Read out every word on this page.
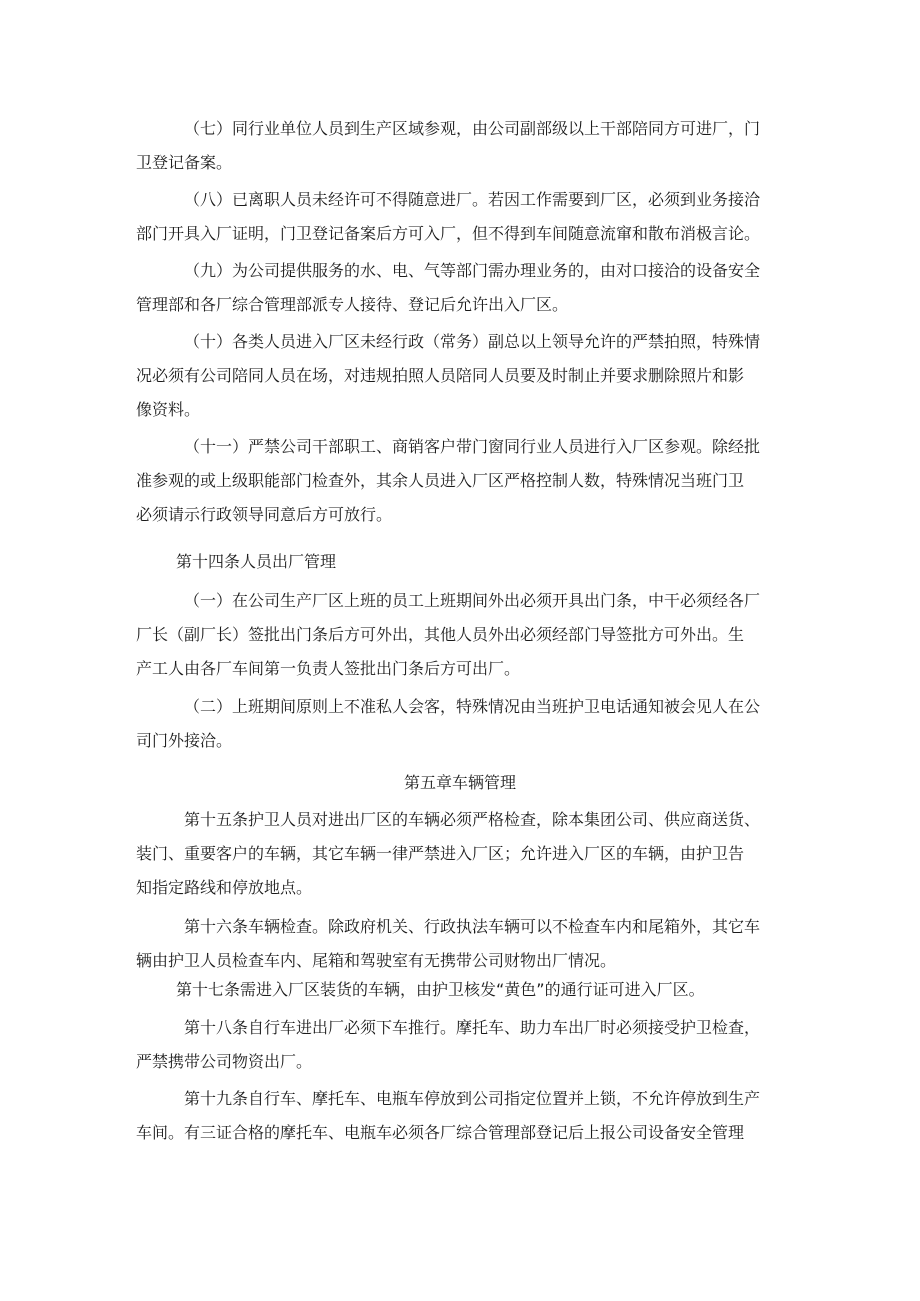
（七）同行业单位人员到生产区域参观，由公司副部级以上干部陪同方可进厂，门
卫登记备案。

（八）已离职人员未经许可不得随意进厂。若因工作需要到厂区，必须到业务接洽
部门开具入厂证明，门卫登记备案后方可入厂，但不得到车间随意流窜和散布消极言论。

（九）为公司提供服务的水、电、气等部门需办理业务的，由对口接洽的设备安全
管理部和各厂综合管理部派专人接待、登记后允许出入厂区。

（十）各类人员进入厂区未经行政（常务）副总以上领导允许的严禁拍照，特殊情
况必须有公司陪同人员在场，对违规拍照人员陪同人员要及时制止并要求删除照片和影
像资料。

（十一）严禁公司干部职工、商销客户带门窗同行业人员进行入厂区参观。除经批
准参观的或上级职能部门检查外，其余人员进入厂区严格控制人数，特殊情况当班门卫
必须请示行政领导同意后方可放行。

第十四条人员出厂管理

（一）在公司生产厂区上班的员工上班期间外出必须开具出门条，中干必须经各厂
厂长（副厂长）签批出门条后方可外出，其他人员外出必须经部门导签批方可外出。生
产工人由各厂车间第一负责人签批出门条后方可出厂。

（二）上班期间原则上不准私人会客，特殊情况由当班护卫电话通知被会见人在公
司门外接洽。

第五章车辆管理

第十五条护卫人员对进出厂区的车辆必须严格检查，除本集团公司、供应商送货、
装门、重要客户的车辆，其它车辆一律严禁进入厂区；允许进入厂区的车辆，由护卫告
知指定路线和停放地点。

第十六条车辆检查。除政府机关、行政执法车辆可以不检查车内和尾箱外，其它车
辆由护卫人员检查车内、尾箱和驾驶室有无携带公司财物出厂情况。

第十七条需进入厂区装货的车辆，由护卫核发“黄色”的通行证可进入厂区。

第十八条自行车进出厂必须下车推行。摩托车、助力车出厂时必须接受护卫检查，
严禁携带公司物资出厂。

第十九条自行车、摩托车、电瓶车停放到公司指定位置并上锁，不允许停放到生产
车间。有三证合格的摩托车、电瓶车必须各厂综合管理部登记后上报公司设备安全管理
